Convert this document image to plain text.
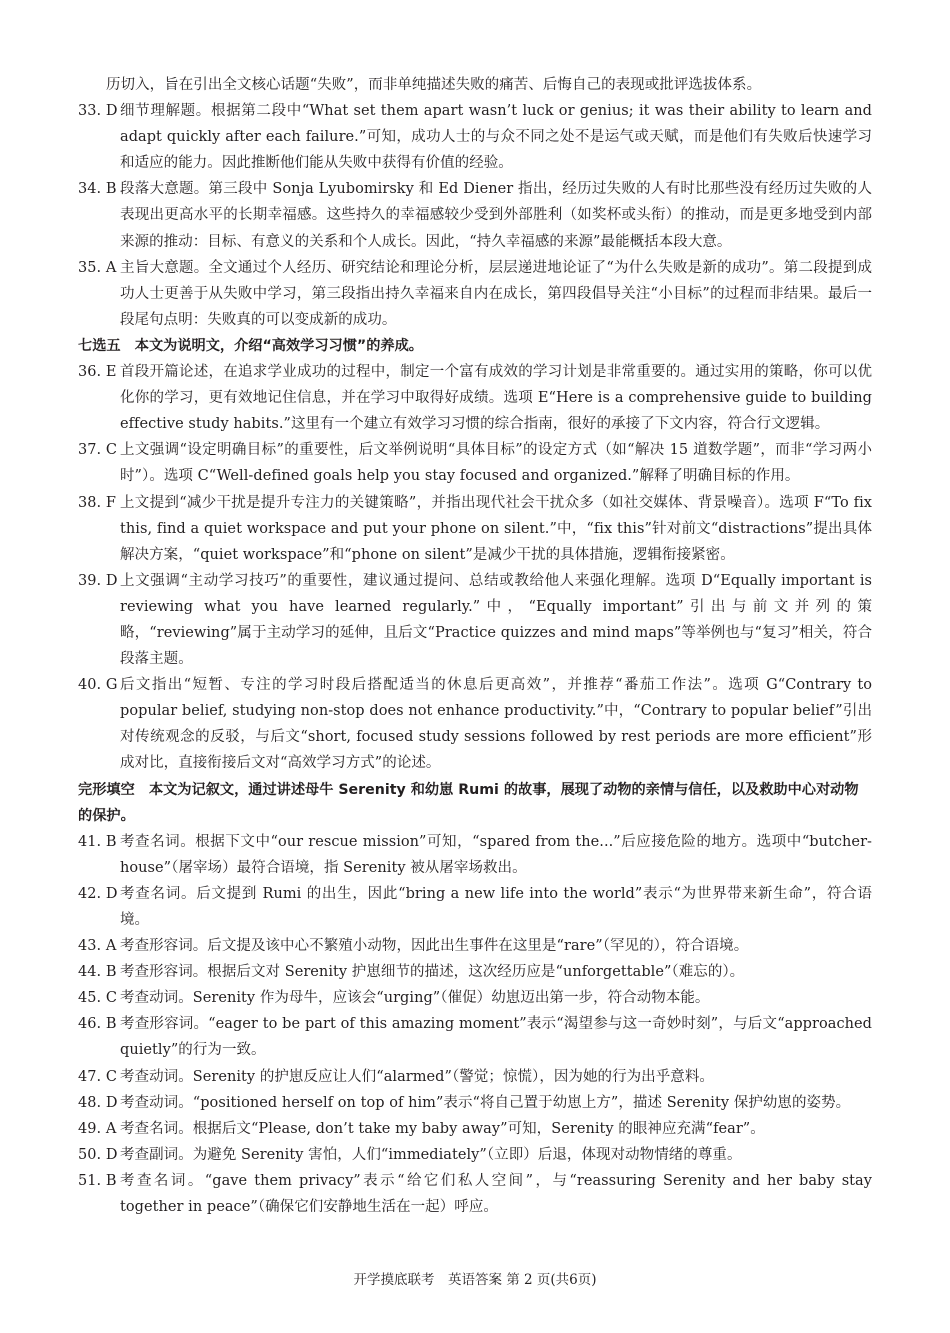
历切入，旨在引出全文核心话题“失败”，而非单纯描述失败的痛苦、后悔自己的表现或批评选拔体系。
33. D 细节理解题。根据第二段中“What set them apart wasn’t luck or genius; it was their ability to learn and adapt quickly after each failure.”可知，成功人士的与众不同之处不是运气或天赋，而是他们有失败后快速学习和适应的能力。因此推断他们能从失败中获得有价值的经验。
34. B 段落大意题。第三段中 Sonja Lyubomirsky 和 Ed Diener 指出，经历过失败的人有时比那些没有经历过失败的人表现出更高水平的长期幸福感。这些持久的幸福感较少受到外部胜利（如奖杯或头衔）的推动，而是更多地受到内部来源的推动：目标、有意义的关系和个人成长。因此，“持久幸福感的来源”最能概括本段大意。
35. A 主旨大意题。全文通过个人经历、研究结论和理论分析，层层递进地论证了“为什么失败是新的成功”。第二段提到成功人士更善于从失败中学习，第三段指出持久幸福来自内在成长，第四段倡导关注“小目标”的过程而非结果。最后一段尾句点明：失败真的可以变成新的成功。
七选五　本文为说明文，介绍“高效学习习惯”的养成。
36. E 首段开篇论述，在追求学业成功的过程中，制定一个富有成效的学习计划是非常重要的。通过实用的策略，你可以优化你的学习，更有效地记住信息，并在学习中取得好成绩。选项 E“Here is a comprehensive guide to building effective study habits.”这里有一个建立有效学习习惯的综合指南，很好的承接了下文内容，符合行文逻辑。
37. C 上文强调“设定明确目标”的重要性，后文举例说明“具体目标”的设定方式（如“解决 15 道数学题”，而非“学习两小时”）。选项 C“Well-defined goals help you stay focused and organized.”解释了明确目标的作用。
38. F 上文提到“减少干扰是提升专注力的关键策略”，并指出现代社会干扰众多（如社交媒体、背景噪音）。选项 F“To fix this, find a quiet workspace and put your phone on silent.”中，“fix this”针对前文“distractions”提出具体解决方案，“quiet workspace”和“phone on silent”是减少干扰的具体措施，逻辑衔接紧密。
39. D 上文强调“主动学习技巧”的重要性，建议通过提问、总结或教给他人来强化理解。选项 D“Equally important is reviewing what you have learned regularly.”中，“Equally important”引出与前文并列的策略，“reviewing”属于主动学习的延伸，且后文“Practice quizzes and mind maps”等举例也与“复习”相关，符合段落主题。
40. G 后文指出“短暂、专注的学习时段后搭配适当的休息后更高效”，并推荐“番茄工作法”。选项 G“Contrary to popular belief, studying non-stop does not enhance productivity.”中，“Contrary to popular belief”引出对传统观念的反驳，与后文“short, focused study sessions followed by rest periods are more efficient”形成对比，直接衔接后文对“高效学习方式”的论述。
完形填空　本文为记叙文，通过讲述母牛 Serenity 和幼崽 Rumi 的故事，展现了动物的亲情与信任，以及救助中心对动物的保护。
41. B 考查名词。根据下文中“our rescue mission”可知，“spared from the...”后应接危险的地方。选项中“butcher-house”（屠宰场）最符合语境，指 Serenity 被从屠宰场救出。
42. D 考查名词。后文提到 Rumi 的出生，因此“bring a new life into the world”表示“为世界带来新生命”，符合语境。
43. A 考查形容词。后文提及该中心不繁殖小动物，因此出生事件在这里是“rare”（罕见的），符合语境。
44. B 考查形容词。根据后文对 Serenity 护崽细节的描述，这次经历应是“unforgettable”（难忘的）。
45. C 考查动词。Serenity 作为母牛，应该会“urging”（催促）幼崽迈出第一步，符合动物本能。
46. B 考查形容词。“eager to be part of this amazing moment”表示“渴望参与这一奇妙时刻”，与后文“approached quietly”的行为一致。
47. C 考查动词。Serenity 的护崽反应让人们“alarmed”（警觉；惊慌），因为她的行为出乎意料。
48. D 考查动词。“positioned herself on top of him”表示“将自己置于幼崽上方”，描述 Serenity 保护幼崽的姿势。
49. A 考查名词。根据后文“Please, don’t take my baby away”可知，Serenity 的眼神应充满“fear”。
50. D 考查副词。为避免 Serenity 害怕，人们“immediately”（立即）后退，体现对动物情绪的尊重。
51. B 考查名词。“gave them privacy”表示“给它们私人空间”，与“reassuring Serenity and her baby stay together in peace”（确保它们安静地生活在一起）呼应。
开学摸底联考　英语答案 第 2 页(共6页)
